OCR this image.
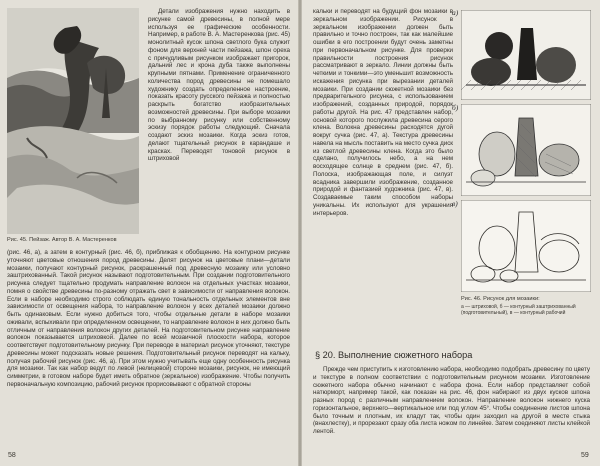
Рис. 45. Пейзаж. Автор В. А. Мастеренков

Детали изображения нужно находить в рисунке самой древесины, в полной мере используя ее графические особенности. Например, в работе В. А. Мастеренкова (рис. 45) монолитный кусок шпона светлого бука служит фоном для верхней части пейзажа, шпон ореха с причудливым рисунком изображает пригорок, дальний лес и крона дуба также выполнены крупными пятнами. Применение ограниченного количества пород древесины не помешало художнику создать определенное настроение, показать красоту русского пейзажа и полностью раскрыть богатство изобразительных возможностей древесины. При выборе мозаики по выбранному рисунку или собственному эскизу порядок работы следующий. Сначала создают эскиз мозаики. Когда эскиз готов, делают тщательный рисунок в карандаше и красках. Переводят тоновой рисунок в штриховой

(рис. 46, а), а затем в контурный (рис. 46, б), приближая к обобщению. На контурном рисунке уточняют цветовые отношения пород древесины. Делят рисунок на цветовые плани—детали мозаики, получают контурный рисунок, раскрашенный под древесную мозаику или условно заштрихованный. Такой рисунок называют подготовительным. При создании подготовительного рисунка следует тщательно продумать направление волокон на отдельных участках мозаики, помня о свойстве древесины по-разному отражать свет в зависимости от направления волокон. Если в наборе необходимо строго соблюдать единую тональность отдельных элементов вне зависимости от освещения набора, то направление волокон у всех деталей мозаики должно быть одинаковым. Если нужно добиться того, чтобы отдельные детали в наборе мозаики оживали, вспыхивали при определенном освещении, то направление волокон в них должно быть отличным от направления волокон других деталей. На подготовительном рисунке направление волокон показывается штриховкой. Далее по всей мозаичной плоскости набора, которое соответствует подготовительному рисунку. При переводе в материал рисунок уточняют, текстуре древесины может подсказать новые решения. Подготовительный рисунок переводят на кальку, получая рабочий рисунок (рис. 46, а). При этом нужно учитывать еще одну особенность рисунка для мозаики. Так как набор ведут по левой (нелицевой) стороне мозаики, рисунок, не имеющий симметрии, в готовом наборе будет иметь обратное (зеркальное) изображение. Чтобы получить первоначальную композицию, рабочий рисунок прорисовывают с обратной стороны

58

кальки и переводят на будущий фон мозаики в зеркальном изображении. Рисунок в зеркальном изображении должен быть правильно и точно построен, так как малейшие ошибки в его построении будут очень заметны при первоначальном рисунке. Для проверки правильности построения рисунок рассматривают в зеркало. Линии должны быть четкими и тонкими—это уменьшит возможность искажения рисунка при вырезании деталей мозаики. При создании сюжетной мозаики без предварительного рисунка, с использованием изображений, созданных природой, порядок работы другой. На рис. 47 представлен набор, основой которого послужила древесина серого клена. Волокна древесины расходятся дугой вокруг сучка (рис. 47, а). Текстура древесины навела на мысль поставить на место сучка диск из светлой древесины клена. Когда это было сделано, получилось небо, а на нем восходящее солнце в среднем (рис. 47, б). Полоска, изображающая поле, и силуэт всадника завершили изображение, созданное природой и фантазией художника (рис. 47, в). Создаваемые таким способом наборы уникальны. Их используют для украшения интерьеров.

а)
б)
в)
Рис. 46. Рисунок для мозаики:
а — штриховой, б — контурный заштрихованный (подготовительный), в — контурный рабочий
§ 20. Выполнение сюжетного набора

Прежде чем приступить к изготовлению набора, необходимо подобрать древесину по цвету и текстуре в полном соответствии с подготовительным рисунком мозаики. Изготовление сюжетного набора обычно начинают с набора фона. Если набор представляет собой натюрморт, например такой, как показан на рис. 46, фон набирают из двух кусков шпона разных пород с различным направлением волокон. Направление волокон нижнего куска горизонтальное, верхнего—вертикальное или под углом 45°. Чтобы соединение листов шпона было точным и плотным, их кладут так, чтобы один заходил на другой в месте стыка (внахлестку), и прорезают сразу оба листа ножом по линейке. Затем соединяют листы клейкой лентой.

59
